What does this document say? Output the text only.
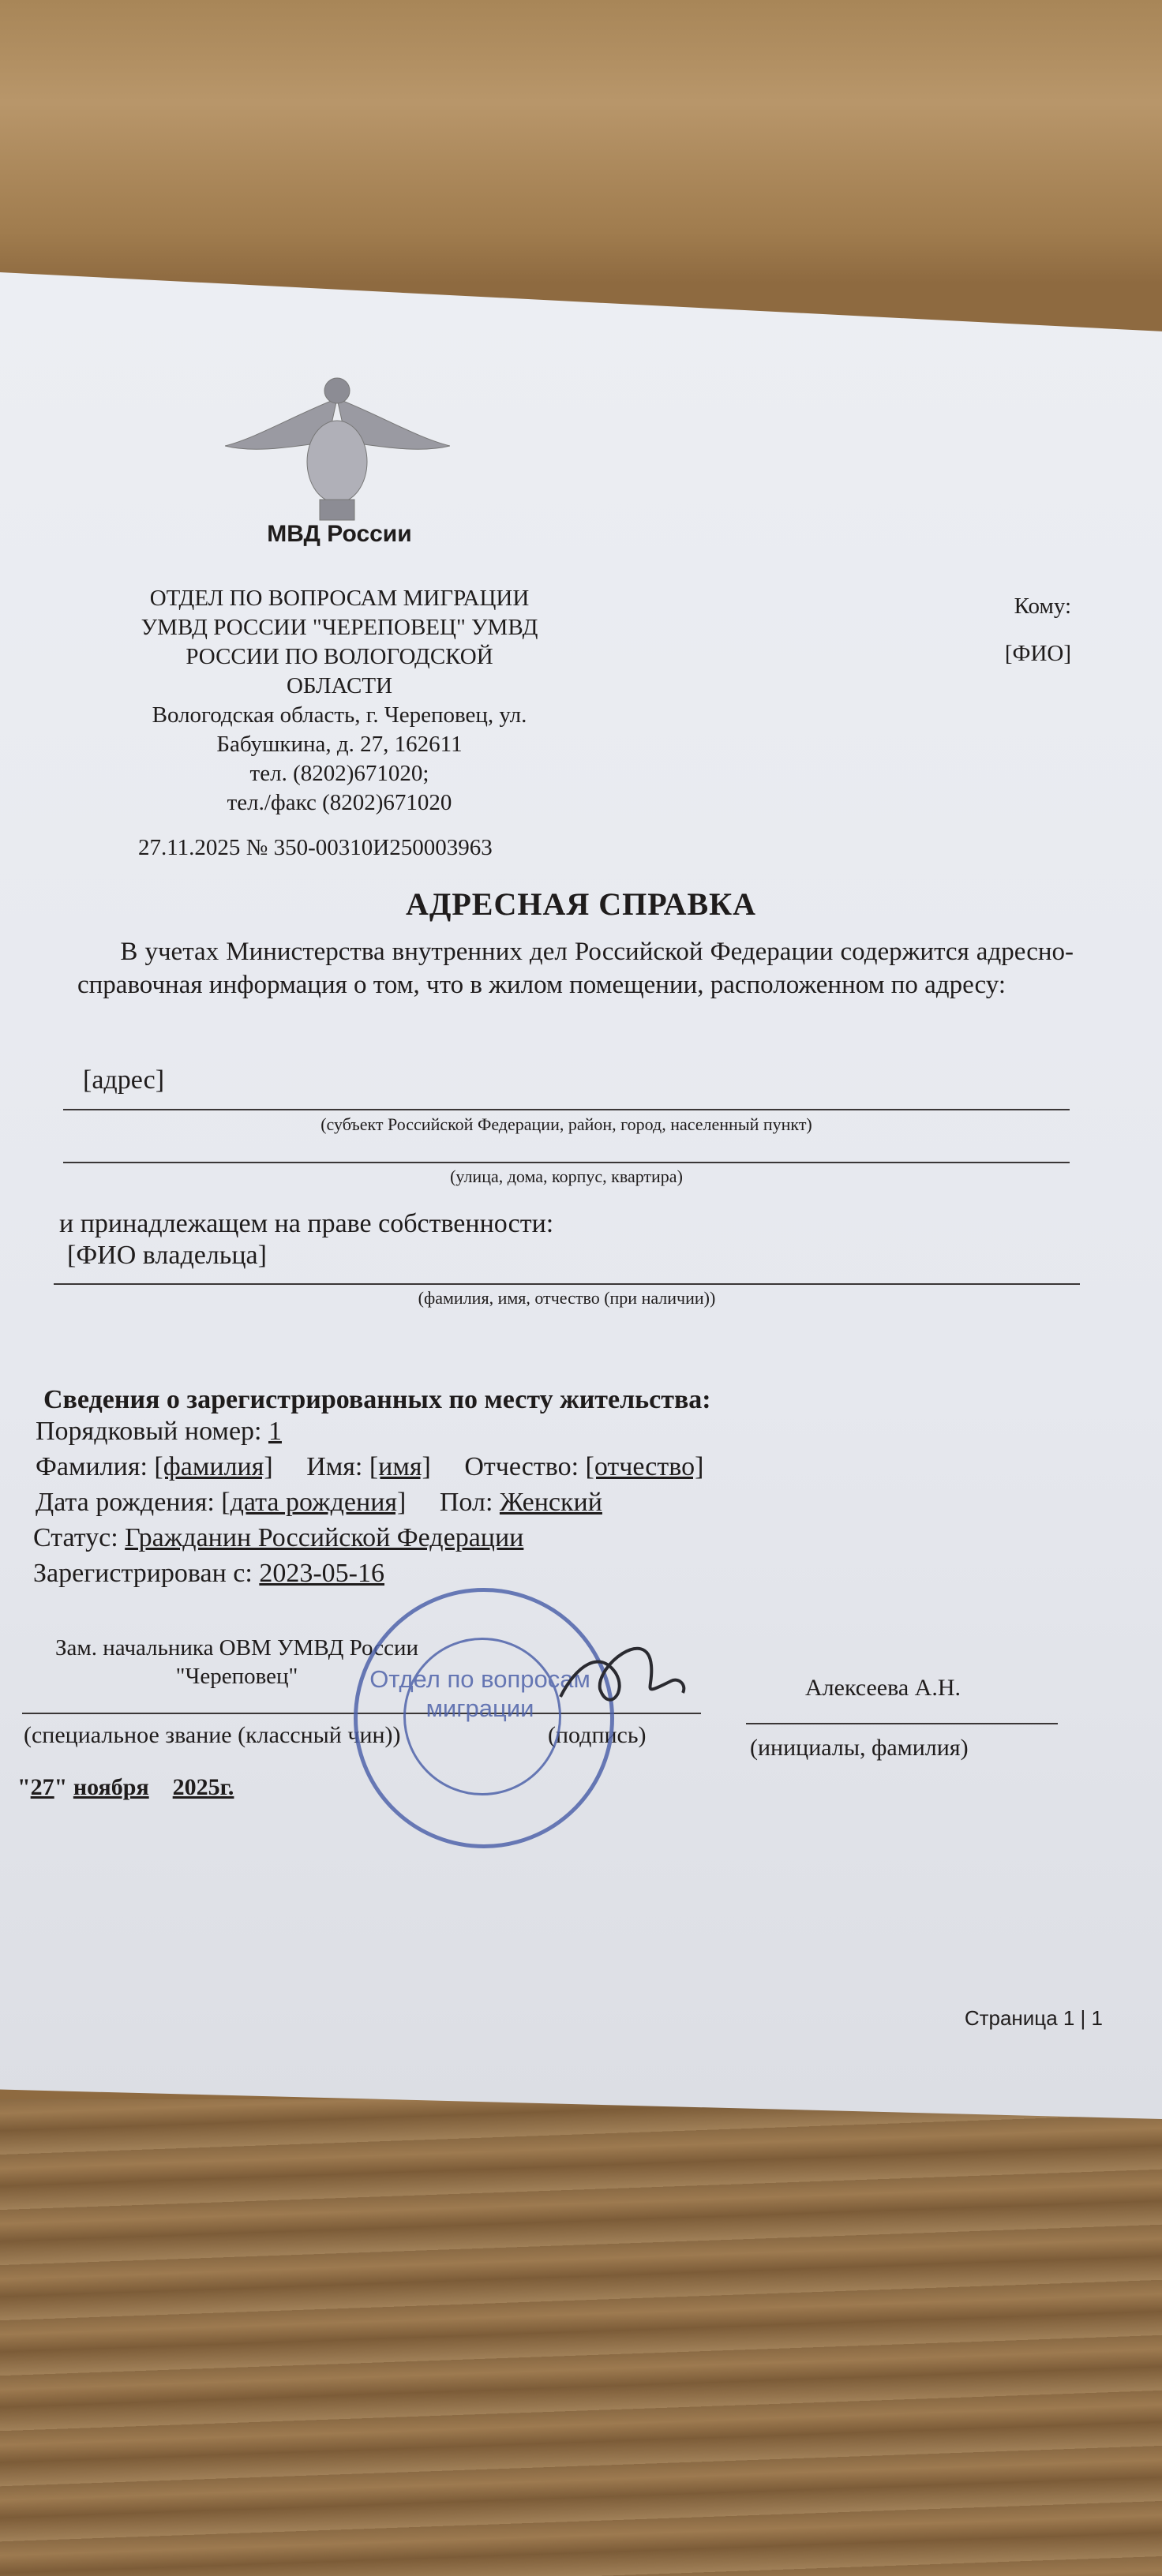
МВД России
ОТДЕЛ ПО ВОПРОСАМ МИГРАЦИИ
УМВД РОССИИ "ЧЕРЕПОВЕЦ" УМВД
РОССИИ ПО ВОЛОГОДСКОЙ
ОБЛАСТИ
Вологодская область, г. Череповец, ул.
Бабушкина, д. 27, 162611
тел. (8202)671020;
тел./факс (8202)671020
Кому:
[ФИО]
27.11.2025 № 350-00310И250003963
АДРЕСНАЯ СПРАВКА
В учетах Министерства внутренних дел Российской Федерации содержится адресно-справочная информация о том, что в жилом помещении, расположенном по адресу:
[адрес]
(субъект Российской Федерации, район, город, населенный пункт)
(улица, дома, корпус, квартира)
и принадлежащем на праве собственности:
[ФИО владельца]
(фамилия, имя, отчество (при наличии))
Сведения о зарегистрированных по месту жительства:
Порядковый номер: 1
Фамилия: [фамилия] Имя: [имя] Отчество: [отчество]
Дата рождения: [дата рождения] Пол: Женский
Статус: Гражданин Российской Федерации
Зарегистрирован с: 2023-05-16
Зам. начальника ОВМ УМВД России
"Череповец"	Алексеева А.Н.
(специальное звание (классный чин))	(подпись)	(инициалы, фамилия)
"27" ноября 2025г.
Отдел по вопросам миграции
Страница 1 | 1
